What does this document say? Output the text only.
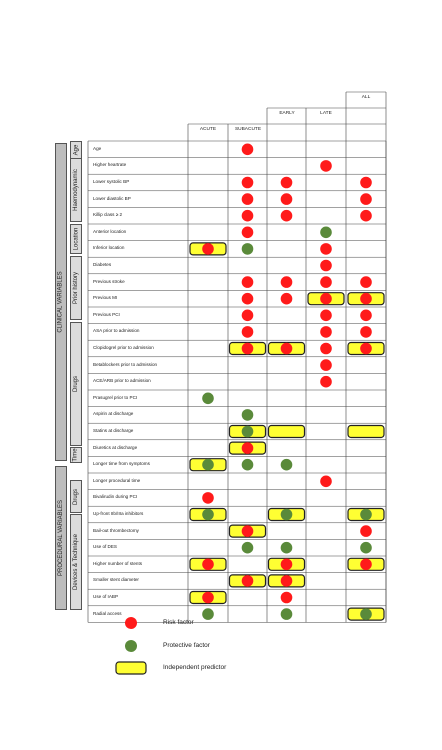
ACUTE	SUBACUTE
EARLY	LATE
ALL
CLINICAL VARIABLES
PROCEDURAL VARIABLES
Age
Haemodynamic
Location
Prior history
Drugs
Time
Drugs
Devices & Technique
Age
Higher heartrate
Lower systolic BP
Lower diastolic BP
Killip class ≥ 2
Anterior location
Inferior location
Diabetes
Previous stroke
Previous MI
Previous PCI
ASA prior to admission
Clopidogrel prior to admission
Betablockers prior to admission
ACE/ARB prior to admission
Prasugrel prior to PCI
Aspirin at discharge
Statins at discharge
Diuretics at discharge
Longer time from symptoms
Longer procedural time
Bivalirudin during PCI
Up-front IIb/IIIa inhibitors
Bail-out thrombectomy
Use of DES
Higher number of stents
Smaller stent diameter
Use of IABP
Radial access
Risk factor
Protective factor
Independent predictor
